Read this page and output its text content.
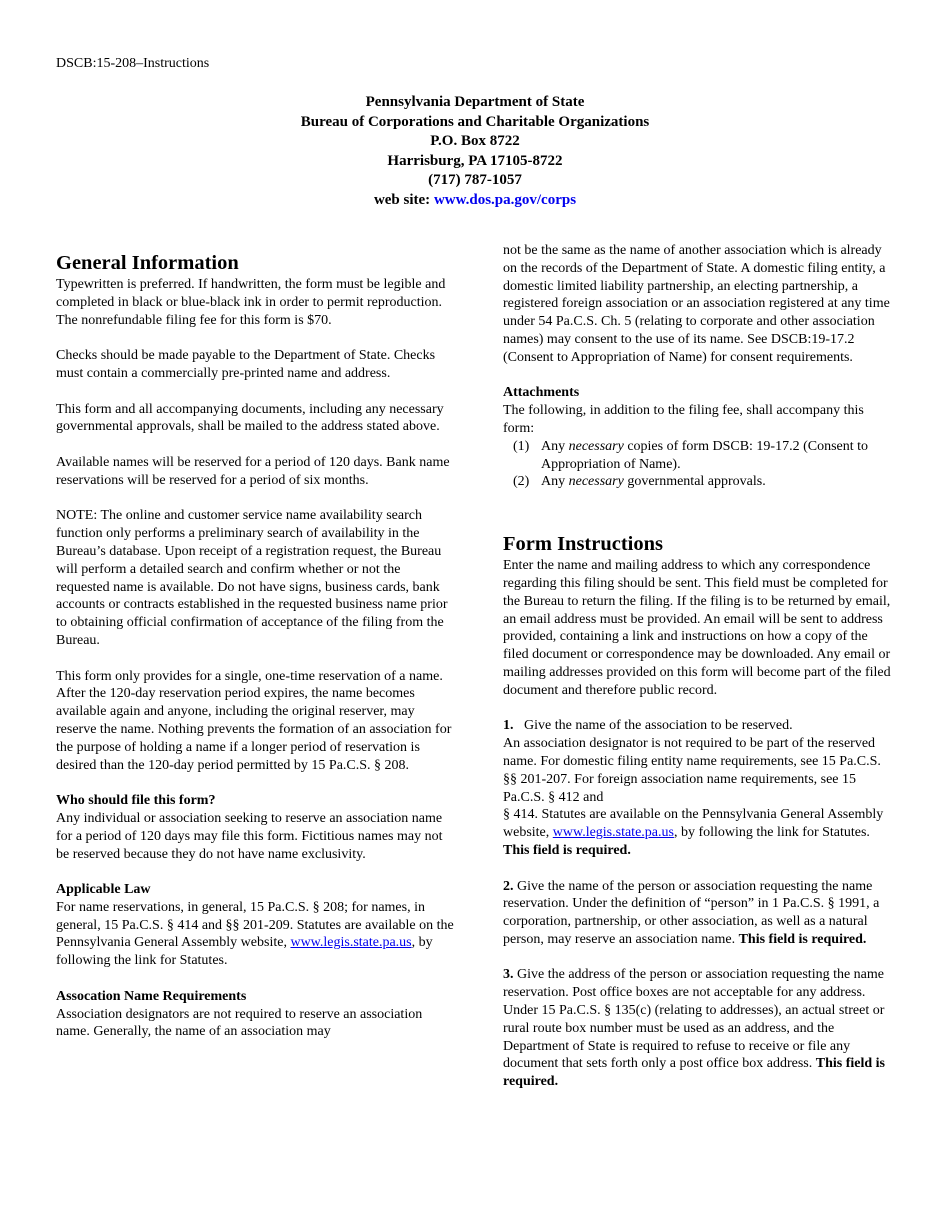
DSCB:15-208–Instructions
Pennsylvania Department of State
Bureau of Corporations and Charitable Organizations
P.O. Box 8722
Harrisburg, PA 17105-8722
(717) 787-1057
web site: www.dos.pa.gov/corps
General Information

Typewritten is preferred. If handwritten, the form must be legible and completed in black or blue-black ink in order to permit reproduction. The nonrefundable filing fee for this form is $70.

Checks should be made payable to the Department of State. Checks must contain a commercially pre-printed name and address.

This form and all accompanying documents, including any necessary governmental approvals, shall be mailed to the address stated above.

Available names will be reserved for a period of 120 days. Bank name reservations will be reserved for a period of six months.

NOTE: The online and customer service name availability search function only performs a preliminary search of availability in the Bureau’s database. Upon receipt of a registration request, the Bureau will perform a detailed search and confirm whether or not the requested name is available. Do not have signs, business cards, bank accounts or contracts established in the requested business name prior to obtaining official confirmation of acceptance of the filing from the Bureau.

This form only provides for a single, one-time reservation of a name. After the 120-day reservation period expires, the name becomes available again and anyone, including the original reserver, may reserve the name. Nothing prevents the formation of an association for the purpose of holding a name if a longer period of reservation is desired than the 120-day period permitted by 15 Pa.C.S. § 208.

Who should file this form?

Any individual or association seeking to reserve an association name for a period of 120 days may file this form. Fictitious names may not be reserved because they do not have name exclusivity.

Applicable Law

For name reservations, in general, 15 Pa.C.S. § 208; for names, in general, 15 Pa.C.S. § 414 and §§ 201-209. Statutes are available on the Pennsylvania General Assembly website, www.legis.state.pa.us, by following the link for Statutes.

Assocation Name Requirements

Association designators are not required to reserve an association name. Generally, the name of an association may

not be the same as the name of another association which is already on the records of the Department of State. A domestic filing entity, a domestic limited liability partnership, an electing partnership, a registered foreign association or an association registered at any time under 54 Pa.C.S. Ch. 5 (relating to corporate and other association names) may consent to the use of its name. See DSCB:19-17.2 (Consent to Appropriation of Name) for consent requirements.

Attachments

The following, in addition to the filing fee, shall accompany this form:

(1) Any necessary copies of form DSCB: 19-17.2 (Consent to Appropriation of Name).
(2) Any necessary governmental approvals.
Form Instructions

Enter the name and mailing address to which any correspondence regarding this filing should be sent. This field must be completed for the Bureau to return the filing. If the filing is to be returned by email, an email address must be provided. An email will be sent to address provided, containing a link and instructions on how a copy of the filed document or correspondence may be downloaded. Any email or mailing addresses provided on this form will become part of the filed document and therefore public record.

1.   Give the name of the association to be reserved.

An association designator is not required to be part of the reserved name. For domestic filing entity name requirements, see 15 Pa.C.S. §§ 201-207. For foreign association name requirements, see 15 Pa.C.S. § 412 and

§ 414. Statutes are available on the Pennsylvania General Assembly website, www.legis.state.pa.us, by following the link for Statutes. This field is required.

2. Give the name of the person or association requesting the name reservation. Under the definition of “person” in 1 Pa.C.S. § 1991, a corporation, partnership, or other association, as well as a natural person, may reserve an association name. This field is required.

3. Give the address of the person or association requesting the name reservation. Post office boxes are not acceptable for any address. Under 15 Pa.C.S. § 135(c) (relating to addresses), an actual street or rural route box number must be used as an address, and the Department of State is required to refuse to receive or file any document that sets forth only a post office box address. This field is required.
